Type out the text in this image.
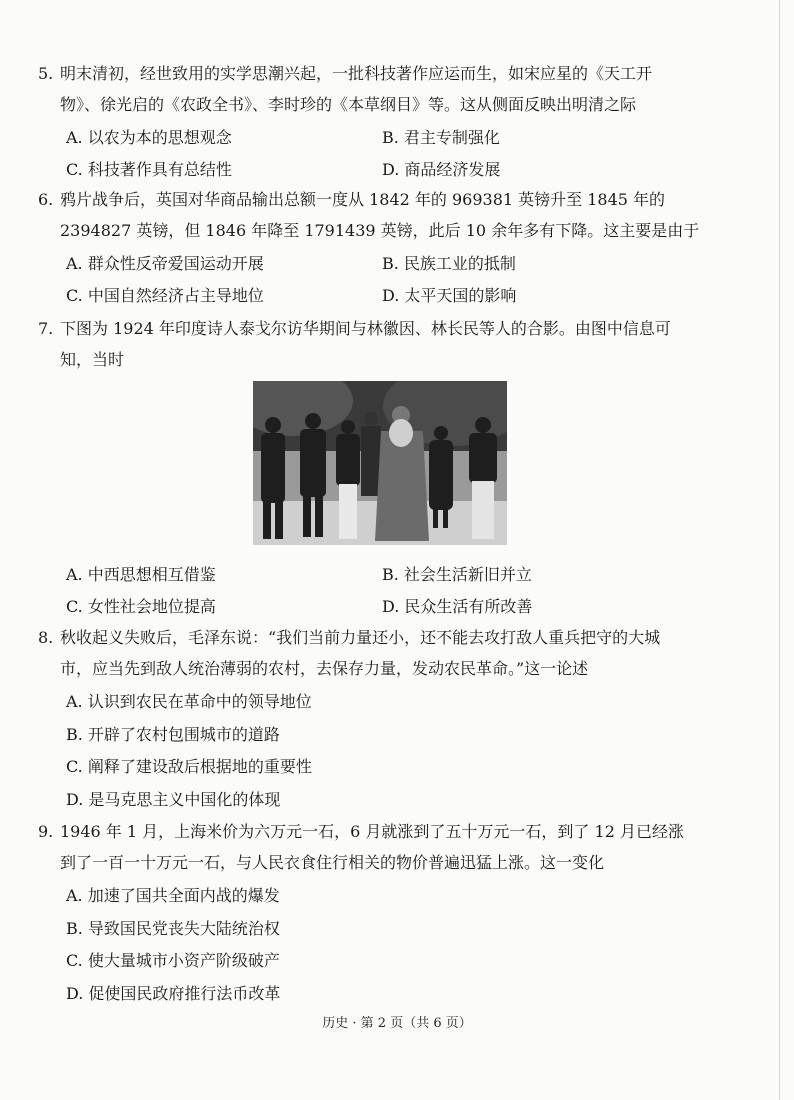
5. 明末清初，经世致用的实学思潮兴起，一批科技著作应运而生，如宋应星的《天工开
物》、徐光启的《农政全书》、李时珍的《本草纲目》等。这从侧面反映出明清之际

A. 以农为本的思想观念	B. 君主专制强化
C. 科技著作具有总结性	D. 商品经济发展

6. 鸦片战争后，英国对华商品输出总额一度从 1842 年的 969381 英镑升至 1845 年的
2394827 英镑，但 1846 年降至 1791439 英镑，此后 10 余年多有下降。这主要是由于

A. 群众性反帝爱国运动开展	B. 民族工业的抵制
C. 中国自然经济占主导地位	D. 太平天国的影响

7. 下图为 1924 年印度诗人泰戈尔访华期间与林徽因、林长民等人的合影。由图中信息可
知，当时

A. 中西思想相互借鉴	B. 社会生活新旧并立
C. 女性社会地位提高	D. 民众生活有所改善

8. 秋收起义失败后，毛泽东说：“我们当前力量还小，还不能去攻打敌人重兵把守的大城
市，应当先到敌人统治薄弱的农村，去保存力量，发动农民革命。”这一论述

A. 认识到农民在革命中的领导地位
B. 开辟了农村包围城市的道路
C. 阐释了建设敌后根据地的重要性
D. 是马克思主义中国化的体现

9. 1946 年 1 月，上海米价为六万元一石，6 月就涨到了五十万元一石，到了 12 月已经涨
到了一百一十万元一石，与人民衣食住行相关的物价普遍迅猛上涨。这一变化

A. 加速了国共全面内战的爆发
B. 导致国民党丧失大陆统治权
C. 使大量城市小资产阶级破产
D. 促使国民政府推行法币改革
历史 · 第 2 页（共 6 页）
